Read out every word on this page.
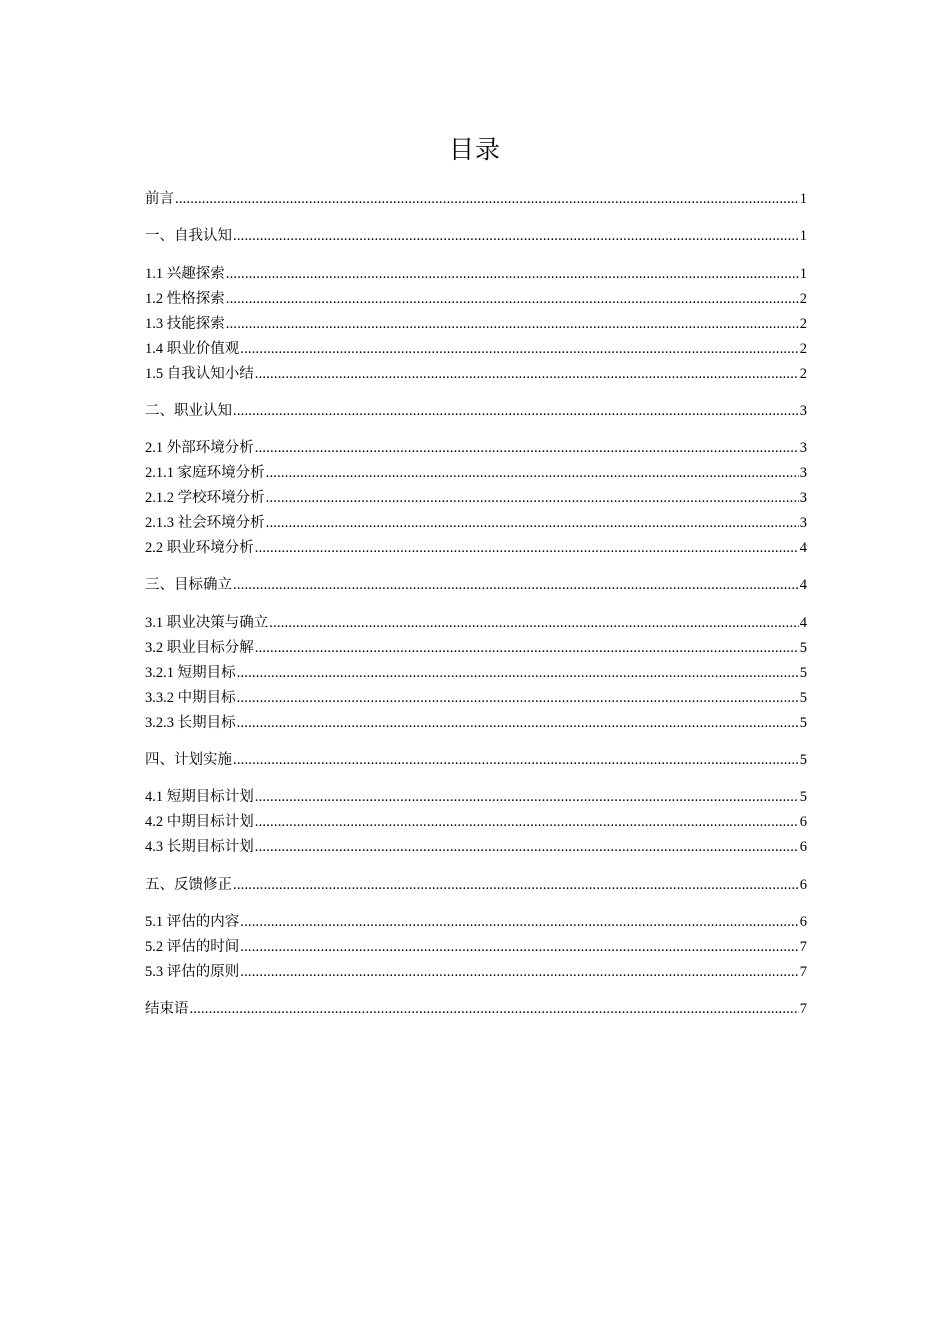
目录
前言 .....	1
一、自我认知 .....	1
1.1 兴趣探索 .....	1
1.2 性格探索 .....	2
1.3 技能探索 .....	2
1.4 职业价值观 .....	2
1.5 自我认知小结 .....	2
二、职业认知 .....	3
2.1 外部环境分析 .....	3
2.1.1 家庭环境分析 .....	3
2.1.2 学校环境分析 .....	3
2.1.3 社会环境分析 .....	3
2.2 职业环境分析 .....	4
三、目标确立 .....	4
3.1 职业决策与确立 .....	4
3.2 职业目标分解 .....	5
3.2.1 短期目标 .....	5
3.3.2 中期目标 .....	5
3.2.3 长期目标 .....	5
四、计划实施 .....	5
4.1 短期目标计划 .....	5
4.2 中期目标计划 .....	6
4.3 长期目标计划 .....	6
五、反馈修正 .....	6
5.1 评估的内容 .....	6
5.2 评估的时间 .....	7
5.3 评估的原则 .....	7
结束语 .....	7
